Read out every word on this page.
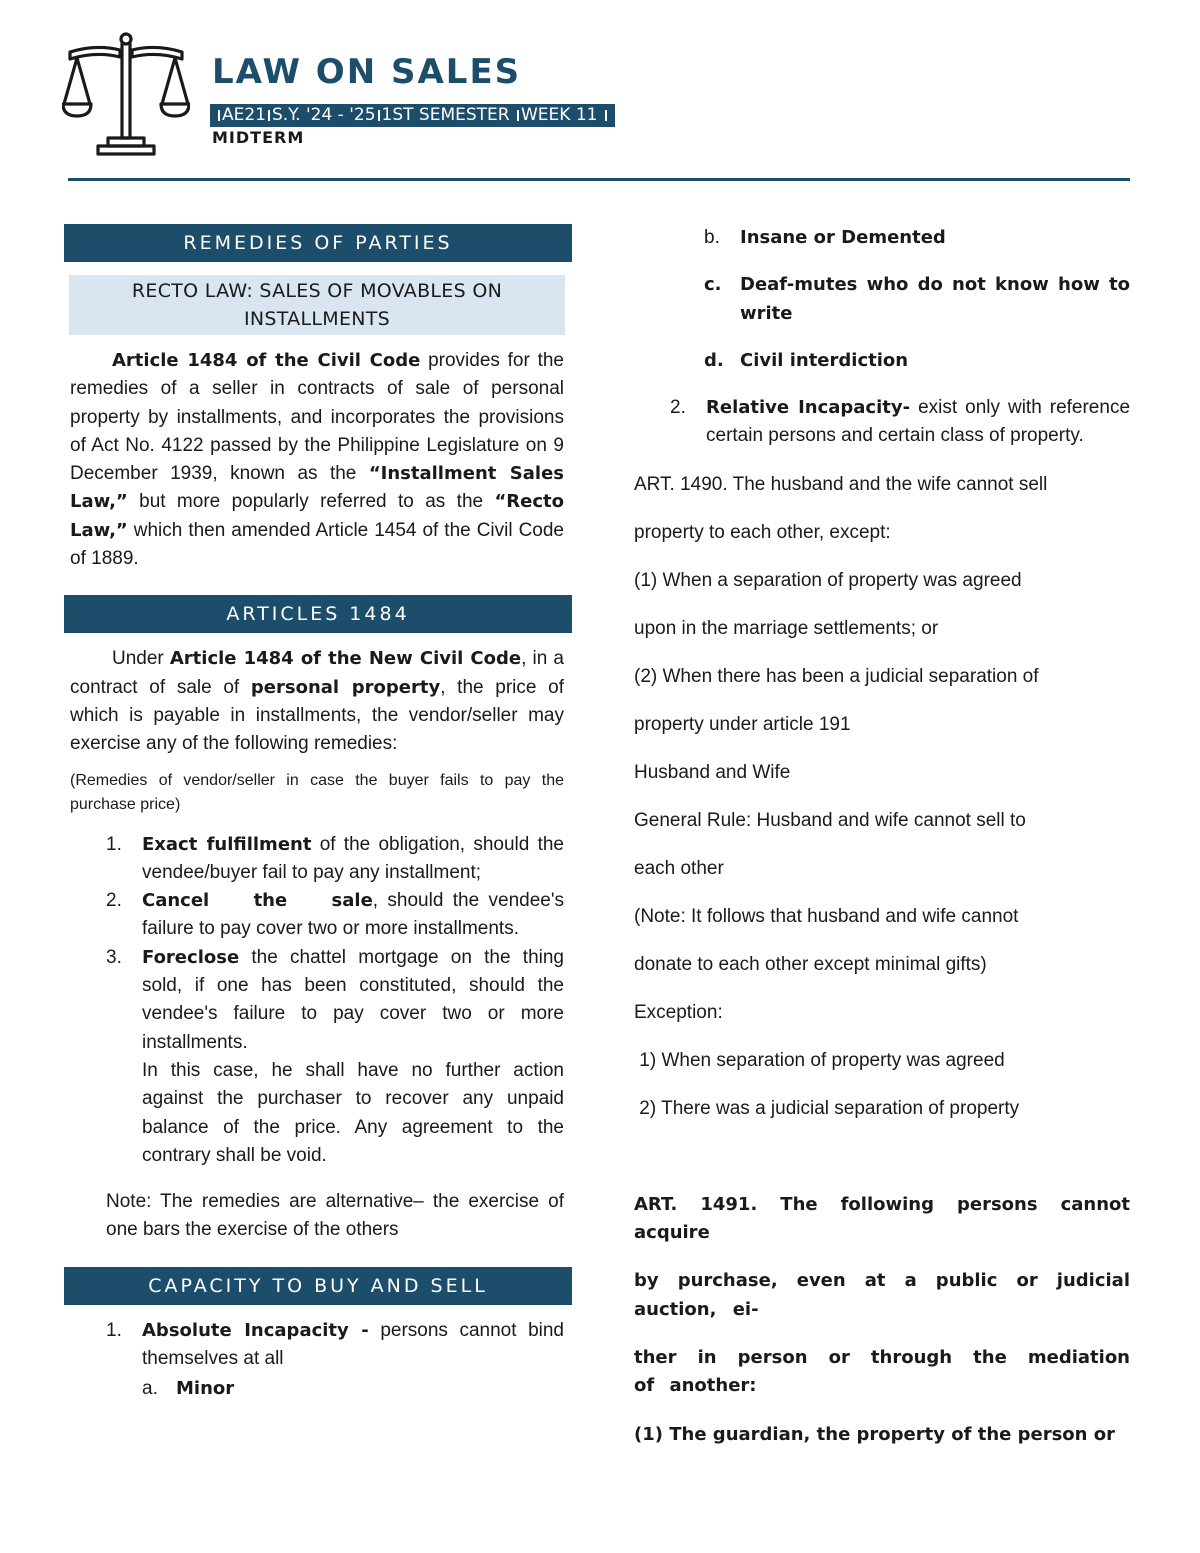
LAW ON SALES
AE21 S.Y. '24 - '25 1ST SEMESTER WEEK 11
MIDTERM
REMEDIES OF PARTIES
RECTO LAW: SALES OF MOVABLES ON INSTALLMENTS

Article 1484 of the Civil Code provides for the remedies of a seller in contracts of sale of personal property by installments, and incorporates the provisions of Act No. 4122 passed by the Philippine Legislature on 9 December 1939, known as the “Installment Sales Law,” but more popularly referred to as the “Recto Law,” which then amended Article 1454 of the Civil Code of 1889.

ARTICLES 1484

Under Article 1484 of the New Civil Code, in a contract of sale of personal property, the price of which is payable in installments, the vendor/seller may exercise any of the following remedies:

(Remedies of vendor/seller in case the buyer fails to pay the purchase price)

1. Exact fulfillment of the obligation, should the vendee/buyer fail to pay any installment;
2. Cancel the sale, should the vendee's failure to pay cover two or more installments.
3. Foreclose the chattel mortgage on the thing sold, if one has been constituted, should the vendee's failure to pay cover two or more installments.
In this case, he shall have no further action against the purchaser to recover any unpaid balance of the price. Any agreement to the contrary shall be void.

Note: The remedies are alternative– the exercise of one bars the exercise of the others

CAPACITY TO BUY AND SELL
1. Absolute Incapacity - persons cannot bind themselves at all
a. Minor
b. Insane or Demented
c. Deaf-mutes who do not know how to write
d. Civil interdiction
2. Relative Incapacity- exist only with reference certain persons and certain class of property.

ART. 1490. The husband and the wife cannot sell

property to each other, except:

(1) When a separation of property was agreed

upon in the marriage settlements; or

(2) When there has been a judicial separation of

property under article 191

Husband and Wife

General Rule: Husband and wife cannot sell to

each other

(Note: It follows that husband and wife cannot

donate to each other except minimal gifts)

Exception:

1) When separation of property was agreed

2) There was a judicial separation of property

ART. 1491. The following persons cannot acquire

by purchase, even at a public or judicial auction, ei-

ther in person or through the mediation of another:

(1) The guardian, the property of the person or
